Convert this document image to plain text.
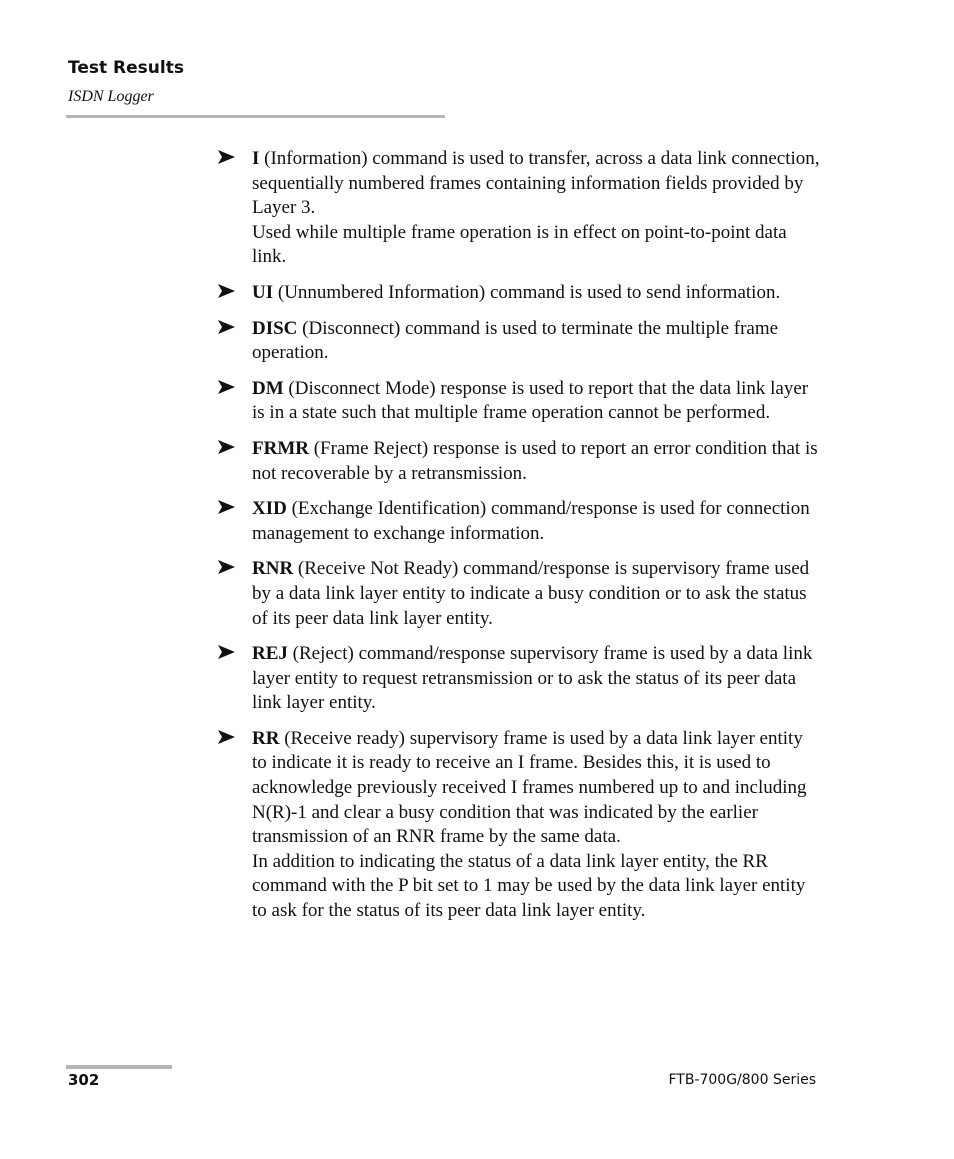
Test Results
ISDN Logger
I (Information) command is used to transfer, across a data link connection, sequentially numbered frames containing information fields provided by Layer 3.
Used while multiple frame operation is in effect on point-to-point data link.
UI (Unnumbered Information) command is used to send information.
DISC (Disconnect) command is used to terminate the multiple frame operation.
DM (Disconnect Mode) response is used to report that the data link layer is in a state such that multiple frame operation cannot be performed.
FRMR (Frame Reject) response is used to report an error condition that is not recoverable by a retransmission.
XID (Exchange Identification) command/response is used for connection management to exchange information.
RNR (Receive Not Ready) command/response is supervisory frame used by a data link layer entity to indicate a busy condition or to ask the status of its peer data link layer entity.
REJ (Reject) command/response supervisory frame is used by a data link layer entity to request retransmission or to ask the status of its peer data link layer entity.
RR (Receive ready) supervisory frame is used by a data link layer entity to indicate it is ready to receive an I frame. Besides this, it is used to acknowledge previously received I frames numbered up to and including N(R)-1 and clear a busy condition that was indicated by the earlier transmission of an RNR frame by the same data.
In addition to indicating the status of a data link layer entity, the RR command with the P bit set to 1 may be used by the data link layer entity to ask for the status of its peer data link layer entity.
302	FTB-700G/800 Series
